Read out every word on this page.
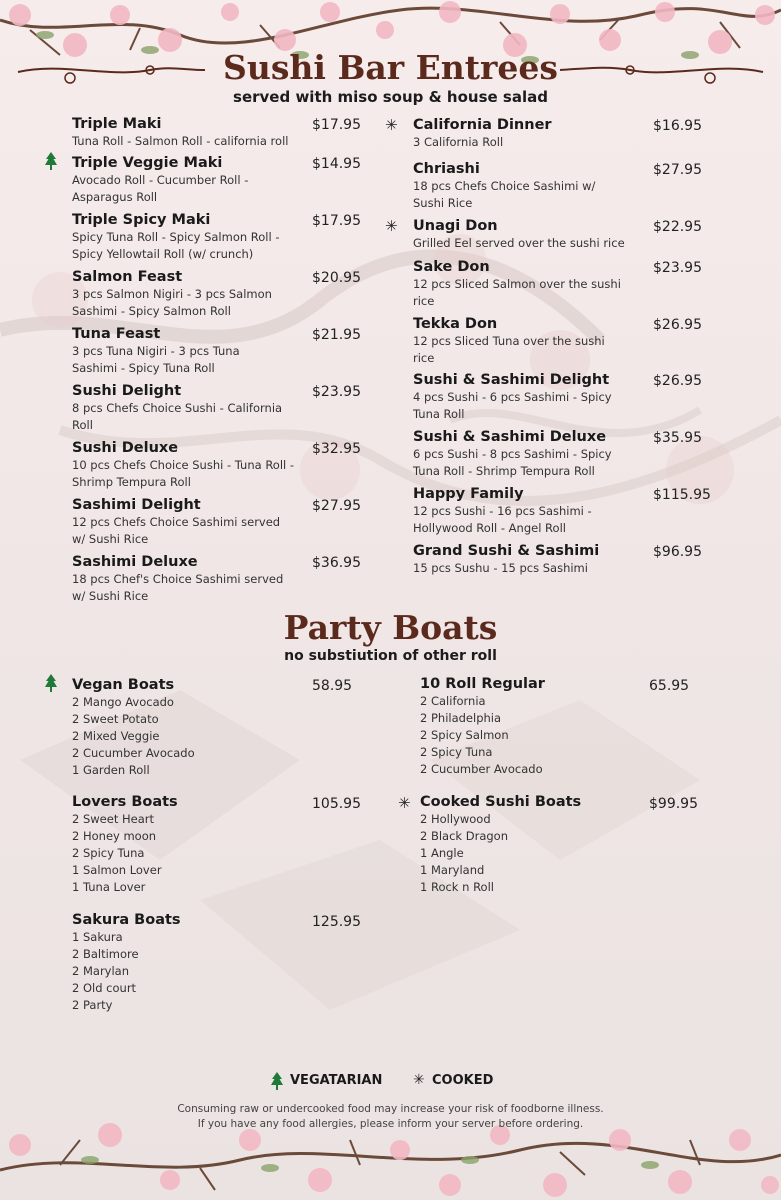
Sushi Bar Entrees
served with miso soup & house salad
Triple Maki
Tuna Roll - Salmon Roll - california roll
$17.95
Triple Veggie Maki
Avocado Roll - Cucumber Roll -
Asparagus Roll
$14.95
Triple Spicy Maki
Spicy Tuna Roll - Spicy Salmon Roll -
Spicy Yellowtail Roll (w/ crunch)
$17.95
Salmon Feast
3 pcs Salmon Nigiri - 3 pcs Salmon
Sashimi - Spicy Salmon Roll
$20.95
Tuna Feast
3 pcs Tuna Nigiri - 3 pcs Tuna
Sashimi - Spicy Tuna Roll
$21.95
Sushi Delight
8 pcs Chefs Choice Sushi - California
Roll
$23.95
Sushi Deluxe
10 pcs Chefs Choice Sushi - Tuna Roll -
Shrimp Tempura Roll
$32.95
Sashimi Delight
12 pcs Chefs Choice Sashimi served
w/ Sushi Rice
$27.95
Sashimi Deluxe
18 pcs Chef's Choice Sashimi served
w/ Sushi Rice
$36.95
✳ California Dinner
3 California Roll
$16.95
Chriashi
18 pcs Chefs Choice Sashimi w/
Sushi Rice
$27.95
✳ Unagi Don
Grilled Eel served over the sushi rice
$22.95
Sake Don
12 pcs Sliced Salmon over the sushi
rice
$23.95
Tekka Don
12 pcs Sliced Tuna over the sushi
rice
$26.95
Sushi & Sashimi Delight
4 pcs Sushi - 6 pcs Sashimi - Spicy
Tuna Roll
$26.95
Sushi & Sashimi Deluxe
6 pcs Sushi - 8 pcs Sashimi - Spicy
Tuna Roll - Shrimp Tempura Roll
$35.95
Happy Family
12 pcs Sushi - 16 pcs Sashimi -
Hollywood Roll - Angel Roll
$115.95
Grand Sushi & Sashimi
15 pcs Sushu - 15 pcs Sashimi
$96.95
Party Boats
no substiution of other roll
Vegan Boats
2 Mango Avocado
2 Sweet Potato
2 Mixed Veggie
2 Cucumber Avocado
1 Garden Roll
58.95
Lovers Boats
2 Sweet Heart
2 Honey moon
2 Spicy Tuna
1 Salmon Lover
1 Tuna Lover
105.95
Sakura Boats
1 Sakura
2 Baltimore
2 Marylan
2 Old court
2 Party
125.95
10 Roll Regular
2 California
2 Philadelphia
2 Spicy Salmon
2 Spicy Tuna
2 Cucumber Avocado
65.95
✳ Cooked Sushi Boats
2 Hollywood
2 Black Dragon
1 Angle
1 Maryland
1 Rock n Roll
$99.95
VEGATARIAN ✳ COOKED
Consuming raw or undercooked food may increase your risk of foodborne illness.
If you have any food allergies, please inform your server before ordering.
